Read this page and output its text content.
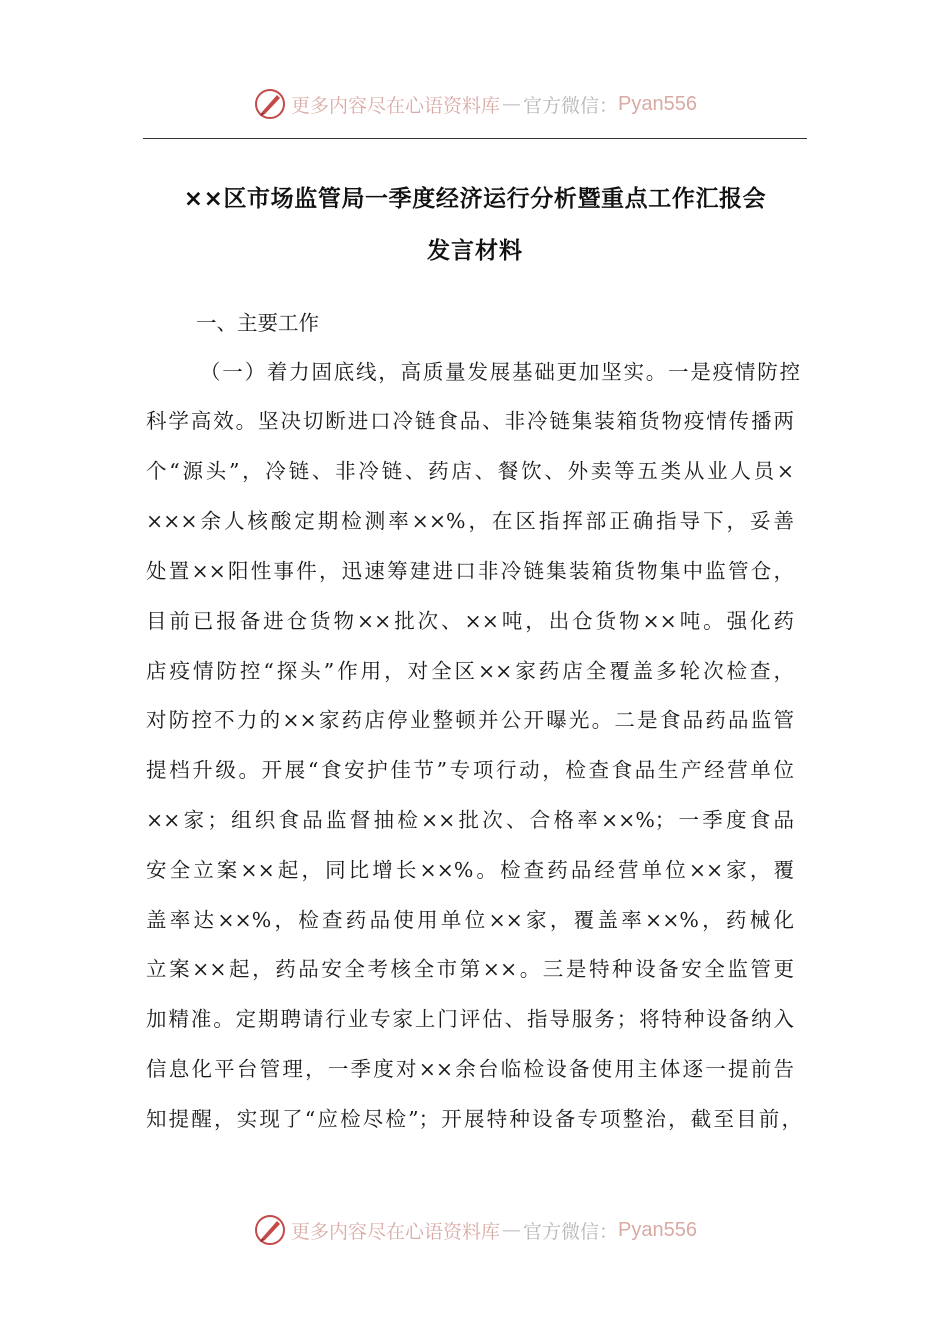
更多内容尽在心语资料库 — 官方微信： Pyan556
××区市场监管局一季度经济运行分析暨重点工作汇报会
发言材料
一、主要工作
（一）着力固底线，高质量发展基础更加坚实。一是疫情防控
科学高效。坚决切断进口冷链食品、非冷链集装箱货物疫情传播两
个“源头”，冷链、非冷链、药店、餐饮、外卖等五类从业人员×
×××余人核酸定期检测率××%，在区指挥部正确指导下，妥善
处置××阳性事件，迅速筹建进口非冷链集装箱货物集中监管仓，
目前已报备进仓货物××批次、××吨，出仓货物××吨。强化药
店疫情防控“探头”作用，对全区××家药店全覆盖多轮次检查，
对防控不力的××家药店停业整顿并公开曝光。二是食品药品监管
提档升级。开展“食安护佳节”专项行动，检查食品生产经营单位
××家；组织食品监督抽检××批次、合格率××%；一季度食品
安全立案××起，同比增长××%。检查药品经营单位××家，覆
盖率达××%，检查药品使用单位××家，覆盖率××%，药械化
立案××起，药品安全考核全市第××。三是特种设备安全监管更
加精准。定期聘请行业专家上门评估、指导服务；将特种设备纳入
信息化平台管理，一季度对××余台临检设备使用主体逐一提前告
知提醒，实现了“应检尽检”；开展特种设备专项整治，截至目前，
更多内容尽在心语资料库 — 官方微信： Pyan556
